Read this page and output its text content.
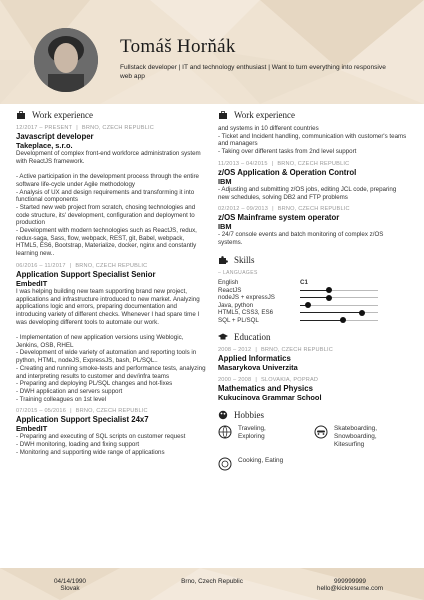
Tomáš Horňák
Fullstack developer | IT and technology enthusiast | Want to turn everything into responsive web app
Work experience
12/2017 – PRESENT | BRNO, CZECH REPUBLIC
Javascript developer
Takeplace, s.r.o.
Development of complex front-end workforce administration system with ReactJS framework.

- Active participation in the development process through the entire software life-cycle under Agile methodology
- Analysis of UX and design requirements and transforming it into functional components
- Started new web project from scratch, chosing technologies and code structure, its' development, configuration and deployment to production
- Development with modern technologies such as ReactJS, redux, redux-saga, Sass, flow, webpack, REST, git, Babel, webpack, HTML5, ES6, Bootstrap, Materialize, docker, nginx and constantly learning new..
06/2016 – 11/2017 | BRNO, CZECH REPUBLIC
Application Support Specialist Senior
EmbedIT
I was helping building new team supporting brand new project, applications and infrastructure introduced to new market. Analyzing applications logic and errors, preparing documentation and introducing variety of different checks. Whenever I had spare time I was developing different tools to automate our work.

- Implementation of new application versions using Weblogic, Jenkins, OSB, RHEL
- Development of wide variety of automation and reporting tools in python, HTML, nodeJS, ExpressJS, bash, PL/SQL..
- Creating and running smoke-tests and performance tests, analyzing and interpreting results to customer and dev/infra teams
- Preparing and deploying PL/SQL changes and hot-fixes
- DWH application and servers support
- Training colleagues on 1st level
07/2015 – 05/2016 | BRNO, CZECH REPUBLIC
Application Support Specialist 24x7
EmbedIT
- Preparing and executing of SQL scripts on customer request
- DWH monitoring, loading and fixing support
- Monitoring and supporting wide range of applications
Work experience
and systems in 10 different countries
- Ticket and Incident handling, communication with customer's teams and managers
- Taking over different tasks from 2nd level support
11/2013 – 04/2015 | BRNO, CZECH REPUBLIC
z/OS Application & Operation Control
IBM
- Adjusting and submitting z/OS jobs, editing JCL code, preparing new schedules, solving DB2 and FTP problems
02/2012 – 09/2013 | BRNO, CZECH REPUBLIC
z/OS Mainframe system operator
IBM
- 24/7 console events and batch monitoring of complex z/OS systems.
Skills
– LANGUAGES
English	C1
ReactJS
nodeJS + expressJS
Java, python
HTML5, CSS3, ES6
SQL + PL/SQL
Education
2008 – 2012 | BRNO, CZECH REPUBLIC
Applied Informatics
Masarykova Univerzita
2000 – 2008 | SLOVAKIA, POPRAD
Mathematics and Physics
Kukucinova Grammar School
Hobbies
Traveling,
Exploring
Skateboarding,
Snowboarding,
Kitesurfing
Cooking, Eating
04/14/1990
Slovak
Brno, Czech Republic	999999999
hello@kickresume.com
